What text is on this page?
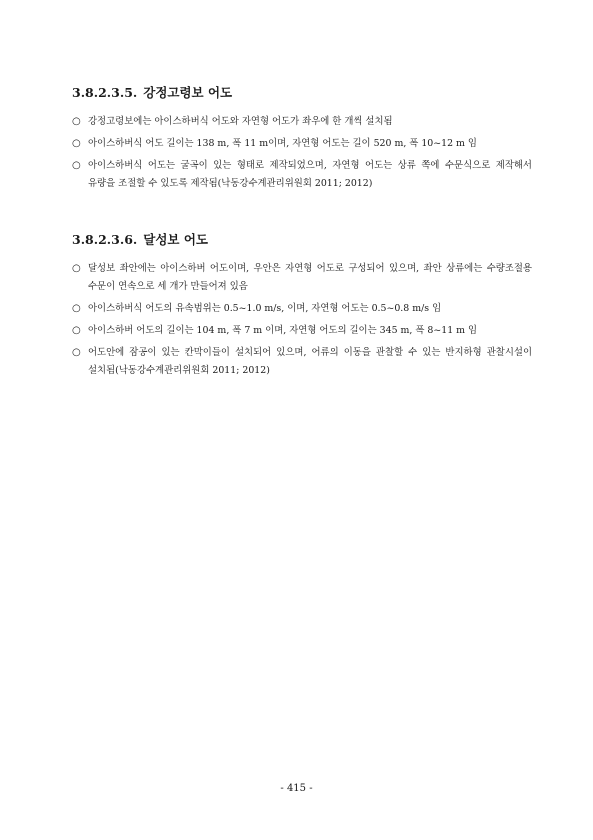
3.8.2.3.5. 강정고령보 어도
○ 강정고령보에는 아이스하버식 어도와 자연형 어도가 좌우에 한 개씩 설치됨
○ 아이스하버식 어도 길이는 138 m, 폭 11 m이며, 자연형 어도는 길이 520 m, 폭 10~12 m 임
○ 아이스하버식 어도는 굴곡이 있는 형태로 제작되었으며, 자연형 어도는 상류 쪽에 수문식으로 제작해서 유량을 조절할 수 있도록 제작됨(낙동강수계관리위원회 2011; 2012)
3.8.2.3.6. 달성보 어도
○ 달성보 좌안에는 아이스하버 어도이며, 우안은 자연형 어도로 구성되어 있으며, 좌안 상류에는 수량조절용 수문이 연속으로 세 개가 만들어져 있음
○ 아이스하버식 어도의 유속범위는 0.5~1.0 m/s, 이며, 자연형 어도는 0.5~0.8 m/s 임
○ 아이스하버 어도의 길이는 104 m, 폭 7 m 이며, 자연형 어도의 길이는 345 m, 폭 8~11 m 임
○ 어도안에 잠공이 있는 칸막이들이 설치되어 있으며, 어류의 이동을 관찰할 수 있는 반지하형 관찰시설이 설치됨(낙동강수계관리위원회 2011; 2012)
- 415 -
